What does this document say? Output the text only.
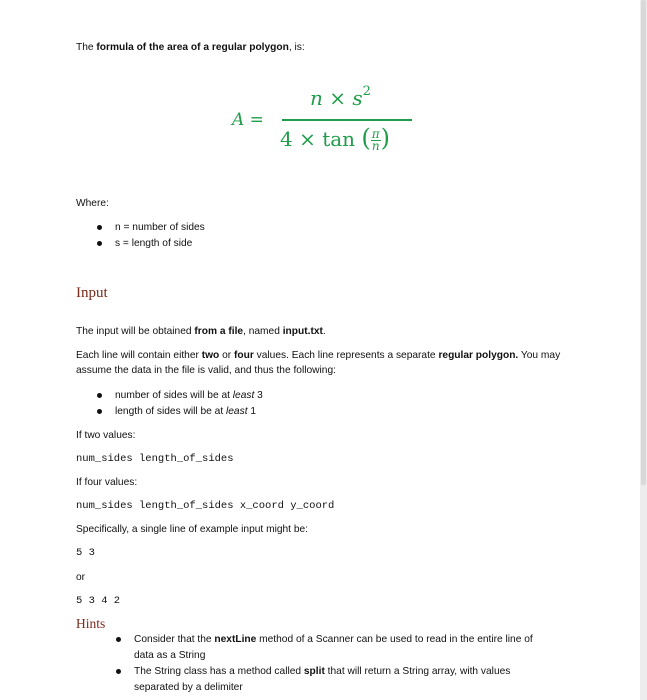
The formula of the area of a regular polygon, is:
A =
$n \times s^2$
4 × tan ( $\frac{\pi}{n}$ )
Where:
n = number of sides
s = length of side
Input
The input will be obtained from a file, named input.txt.
Each line will contain either two or four values. Each line represents a separate regular polygon. You may assume the data in the file is valid, and thus the following:
number of sides will be at least 3
length of sides will be at least 1
If two values:
num_sides length_of_sides
If four values:
num_sides length_of_sides x_coord y_coord
Specifically, a single line of example input might be:
5 3
or
5 3 4 2
Hints
Consider that the nextLine method of a Scanner can be used to read in the entire line of data as a String
The String class has a method called split that will return a String array, with values separated by a delimiter
